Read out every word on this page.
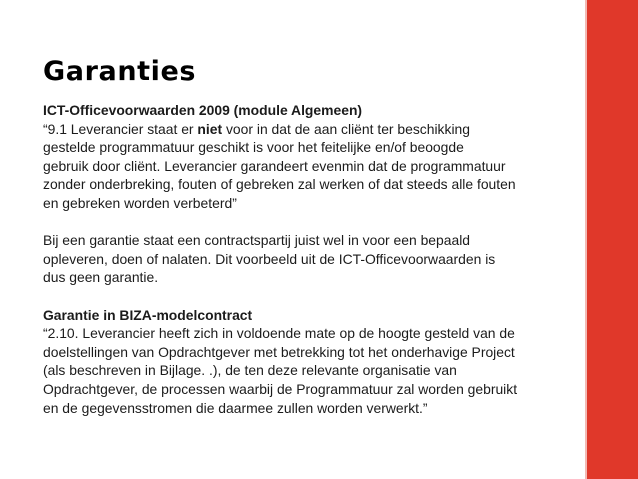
Garanties
ICT-Officevoorwaarden 2009 (module Algemeen)
“9.1 Leverancier staat er niet voor in dat de aan cliënt ter beschikking
gestelde programmatuur geschikt is voor het feitelijke en/of beoogde
gebruik door cliënt. Leverancier garandeert evenmin dat de programmatuur
zonder onderbreking, fouten of gebreken zal werken of dat steeds alle fouten
en gebreken worden verbeterd”
Bij een garantie staat een contractspartij juist wel in voor een bepaald
opleveren, doen of nalaten. Dit voorbeeld uit de ICT-Officevoorwaarden is
dus geen garantie.
Garantie in BIZA-modelcontract
“2.10. Leverancier heeft zich in voldoende mate op de hoogte gesteld van de
doelstellingen van Opdrachtgever met betrekking tot het onderhavige Project
(als beschreven in Bijlage. .), de ten deze relevante organisatie van
Opdrachtgever, de processen waarbij de Programmatuur zal worden gebruikt
en de gegevensstromen die daarmee zullen worden verwerkt.”
